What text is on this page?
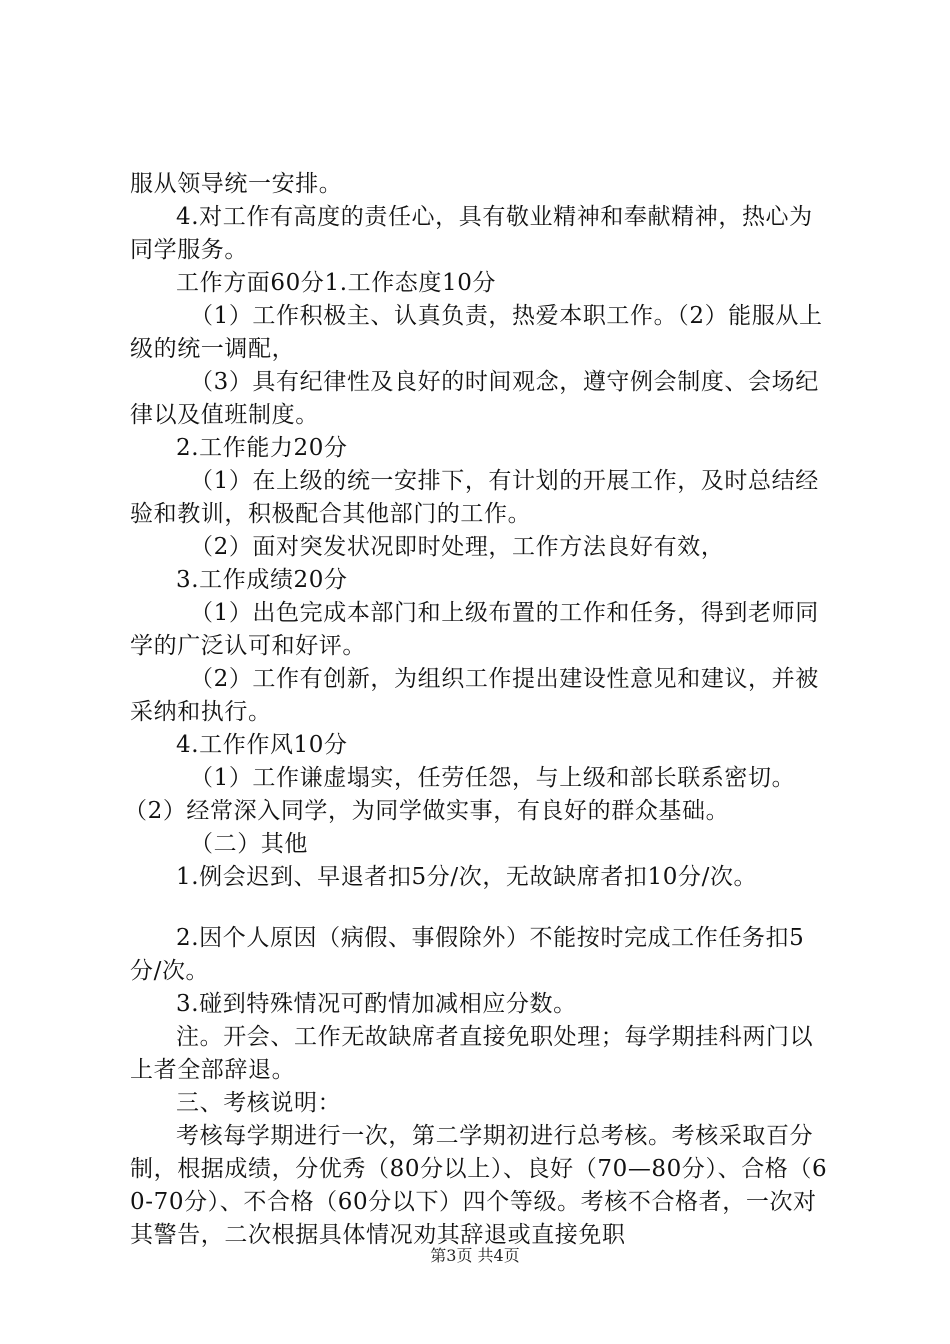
服从领导统一安排。

4.对工作有高度的责任心，具有敬业精神和奉献精神，热心为同学服务。

工作方面60分1.工作态度10分

（1）工作积极主、认真负责，热爱本职工作。（2）能服从上级的统一调配，

（3）具有纪律性及良好的时间观念，遵守例会制度、会场纪律以及值班制度。

2.工作能力20分

（1）在上级的统一安排下，有计划的开展工作，及时总结经验和教训，积极配合其他部门的工作。

（2）面对突发状况即时处理，工作方法良好有效，

3.工作成绩20分

（1）出色完成本部门和上级布置的工作和任务，得到老师同学的广泛认可和好评。

（2）工作有创新，为组织工作提出建设性意见和建议，并被采纳和执行。

4.工作作风10分

（1）工作谦虚塌实，任劳任怨，与上级和部长联系密切。

（2）经常深入同学，为同学做实事，有良好的群众基础。

（二）其他

1.例会迟到、早退者扣5分/次，无故缺席者扣10分/次。

2.因个人原因（病假、事假除外）不能按时完成工作任务扣5分/次。

3.碰到特殊情况可酌情加减相应分数。

注。开会、工作无故缺席者直接免职处理；每学期挂科两门以上者全部辞退。

三、考核说明：

考核每学期进行一次，第二学期初进行总考核。考核采取百分制，根据成绩，分优秀（80分以上）、良好（70—80分）、合格（60-70分）、不合格（60分以下）四个等级。考核不合格者，一次对其警告，二次根据具体情况劝其辞退或直接免职

第3页 共4页
